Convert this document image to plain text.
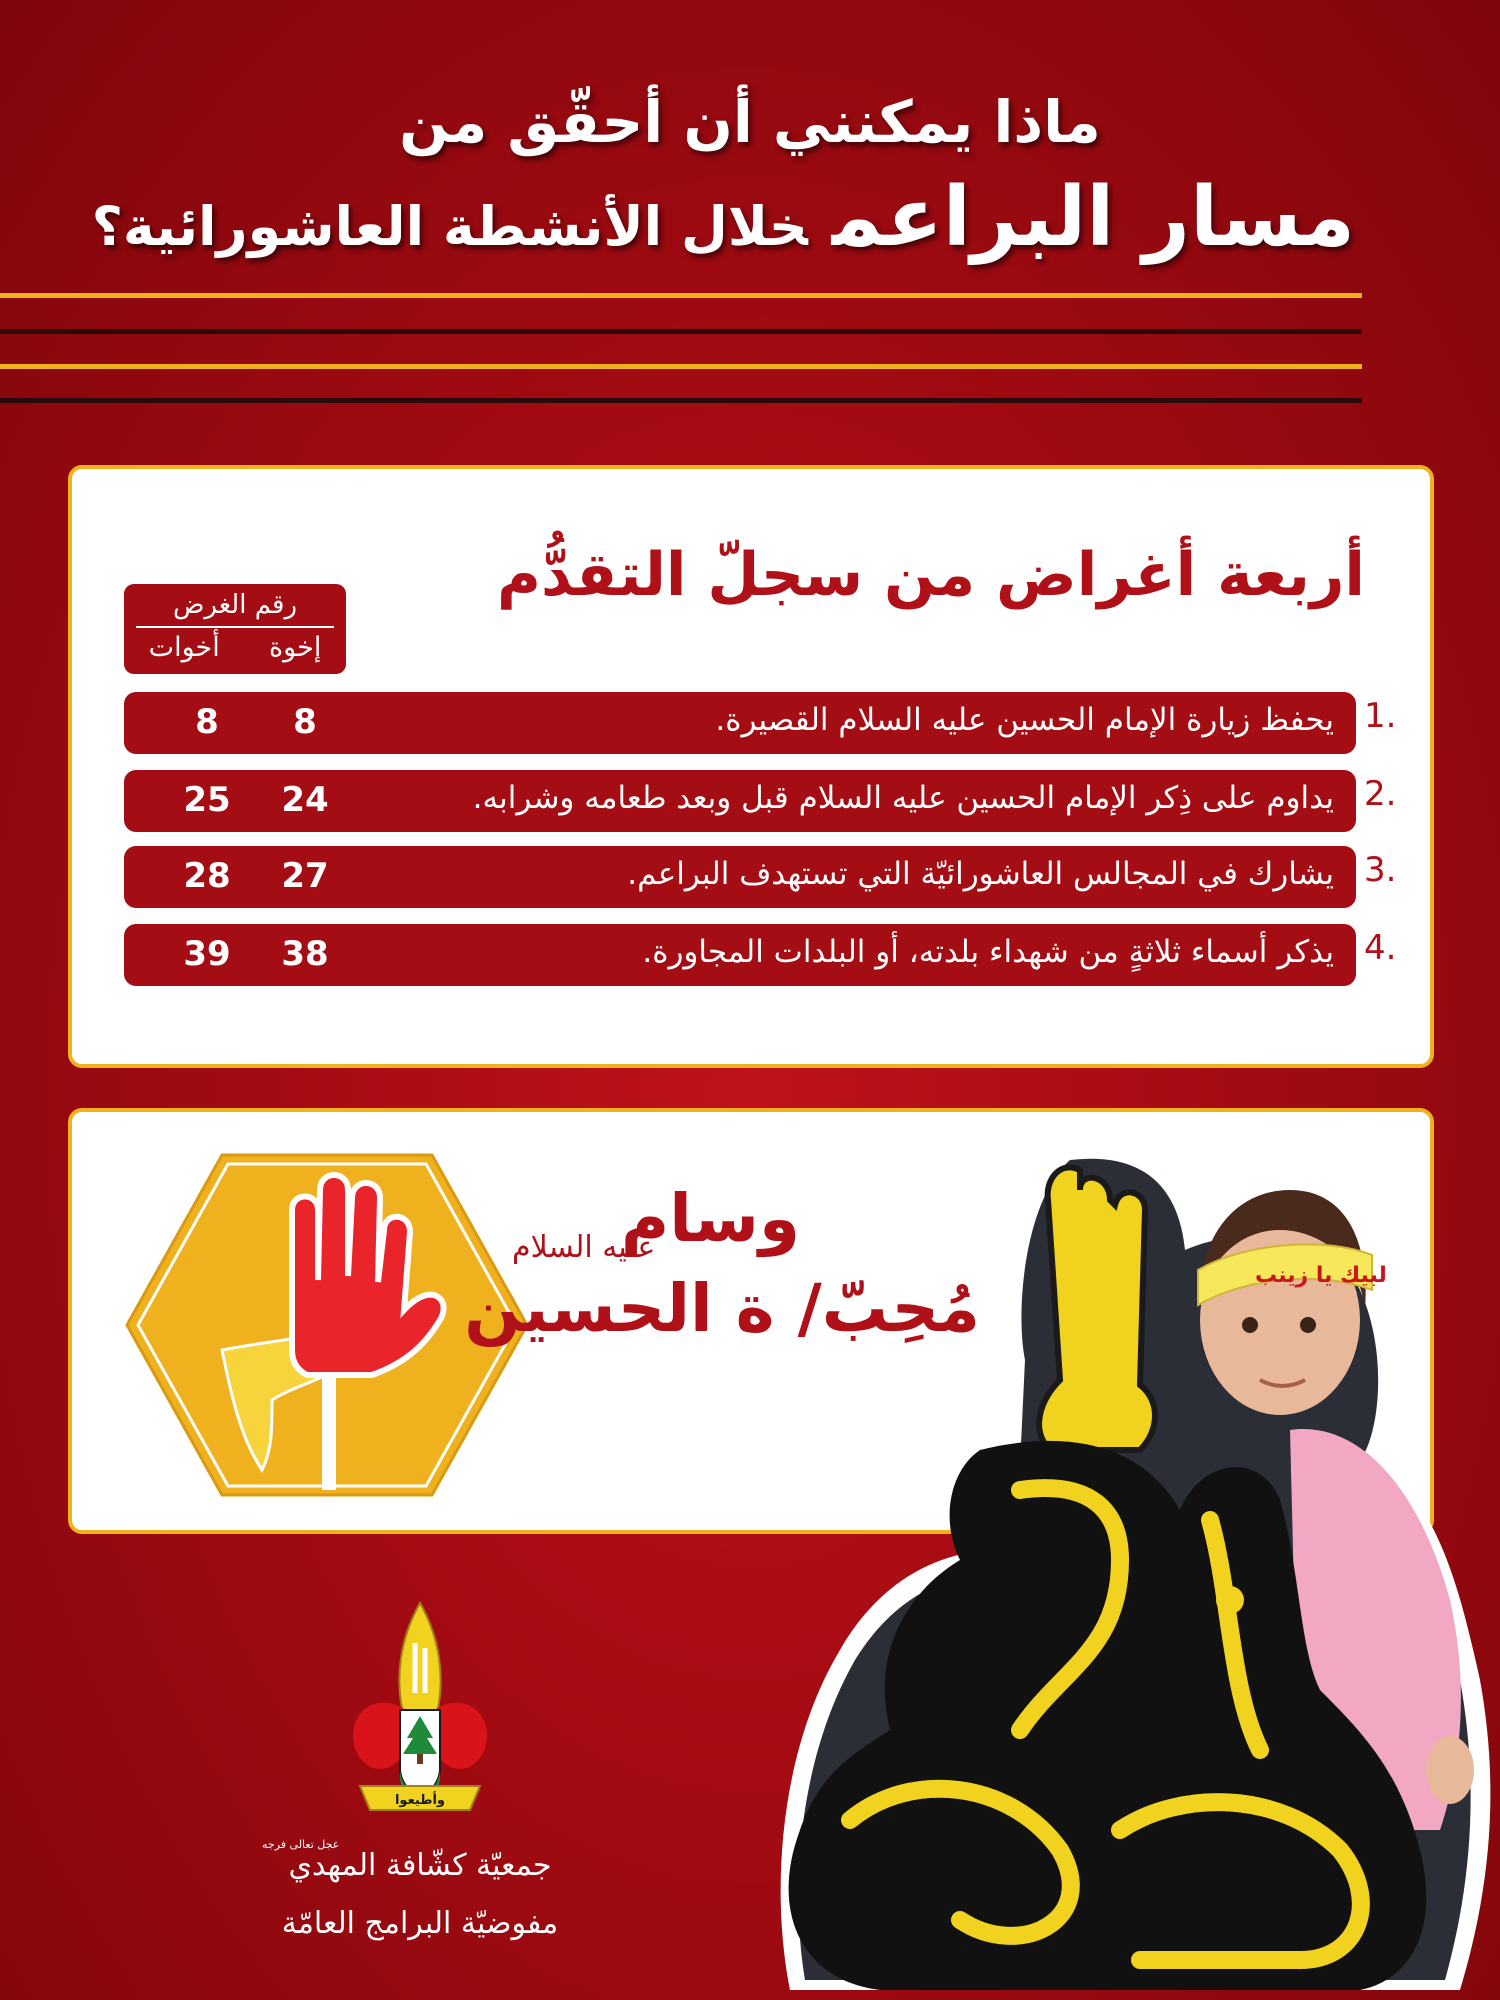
ماذا يمكنني أن أحقّق من
مسار البراعمخلال الأنشطة العاشورائية؟
أربعة أغراض من سجلّ التقدُّم
رقم الغرض
أخوات إخوة
1.
يحفظ زيارة الإمام الحسين عليه السلام القصيرة.
8
8
2.
يداوم على ذِكر الإمام الحسين عليه السلام قبل وبعد طعامه وشرابه.
24
25
3.
يشارك في المجالس العاشورائيّة التي تستهدف البراعم.
27
28
4.
يذكر أسماء ثلاثةٍ من شهداء بلدته، أو البلدات المجاورة.
38
39
وسام
عليه السلام
مُحِبّ/ ة الحسين	لبيك يا زينب
وأطيعوا
عجل تعالى فرجه
جمعيّة كشّافة المهدي
مفوضيّة البرامج العامّة
